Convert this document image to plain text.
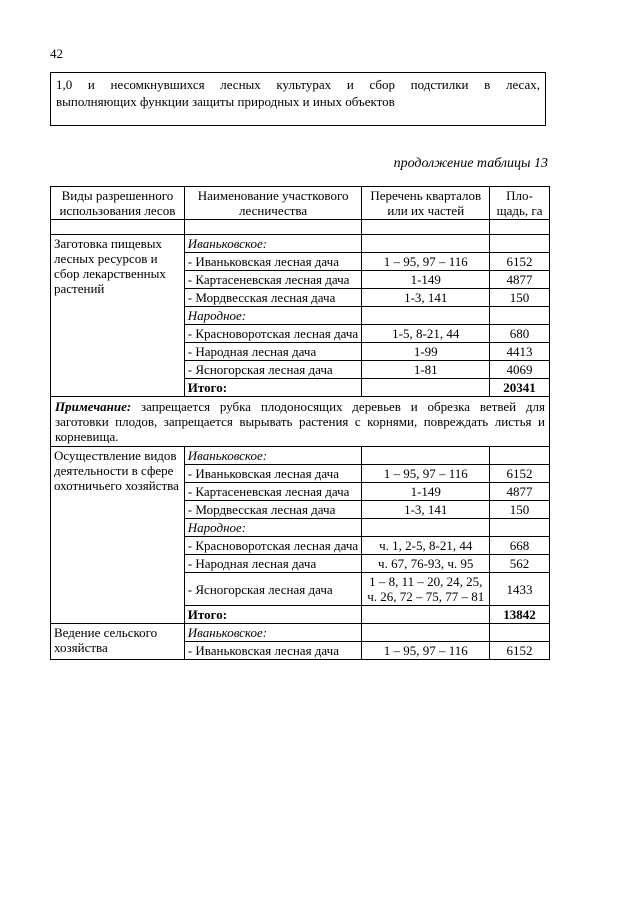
42
1,0 и несомкнувшихся лесных культурах и сбор подстилки в лесах,
выполняющих функции защиты природных и иных объектов
продолжение таблицы 13
Виды разрешенного использования лесов	Наименование участкового лесничества	Перечень кварталов или их частей	Пло-щадь, га

Заготовка пищевых лесных ресурсов и сбор лекарственных растений	Иваньковское:		
	- Иваньковская лесная дача	1 – 95, 97 – 116	6152
	- Картасеневская лесная дача	1-149	4877
	- Мордвесская лесная дача	1-3, 141	150
	Народное:		
	- Красноворотская лесная дача	1-5, 8-21, 44	680
	- Народная лесная дача	1-99	4413
	- Ясногорская лесная дача	1-81	4069
	Итого:		20341
Примечание: запрещается рубка плодоносящих деревьев и обрезка ветвей для заготовки плодов, запрещается вырывать растения с корнями, повреждать листья и корневища.			
Осуществление видов деятельности в сфере охотничьего хозяйства	Иваньковское:		
	- Иваньковская лесная дача	1 – 95, 97 – 116	6152
	- Картасеневская лесная дача	1-149	4877
	- Мордвесская лесная дача	1-3, 141	150
	Народное:		
	- Красноворотская лесная дача	ч. 1, 2-5, 8-21, 44	668
	- Народная лесная дача	ч. 67, 76-93, ч. 95	562
	- Ясногорская лесная дача	1 – 8, 11 – 20, 24, 25, ч. 26, 72 – 75, 77 – 81	1433
	Итого:		13842
Ведение сельского хозяйства	Иваньковское:		
	- Иваньковская лесная дача	1 – 95, 97 – 116	6152
